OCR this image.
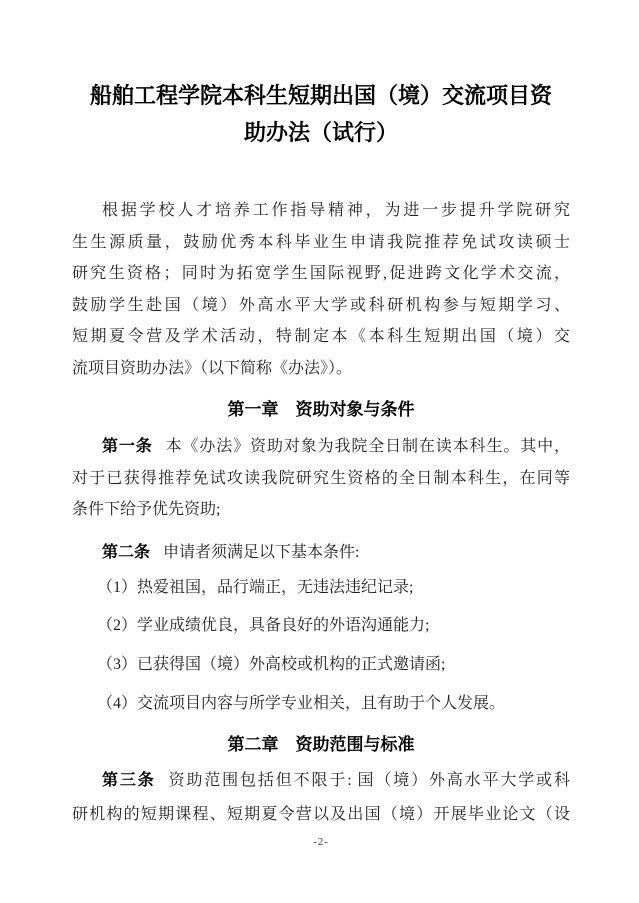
船舶工程学院本科生短期出国（境）交流项目资
助办法（试行）
根据学校人才培养工作指导精神，为进一步提升学院研究
生生源质量，鼓励优秀本科毕业生申请我院推荐免试攻读硕士
研究生资格；同时为拓宽学生国际视野,促进跨文化学术交流，
鼓励学生赴国（境）外高水平大学或科研机构参与短期学习、
短期夏令营及学术活动，特制定本《本科生短期出国（境）交
流项目资助办法》（以下简称《办法》）。
第一章　资助对象与条件
第一条 本《办法》资助对象为我院全日制在读本科生。其中，
对于已获得推荐免试攻读我院研究生资格的全日制本科生，在同等
条件下给予优先资助;
第二条 申请者须满足以下基本条件:
（1）热爱祖国，品行端正，无违法违纪记录;
（2）学业成绩优良，具备良好的外语沟通能力;
（3）已获得国（境）外高校或机构的正式邀请函;
（4）交流项目内容与所学专业相关，且有助于个人发展。
第二章　资助范围与标准
第三条 资助范围包括但不限于: 国（境）外高水平大学或科
研机构的短期课程、短期夏令营以及出国（境）开展毕业论文（设
-2-
